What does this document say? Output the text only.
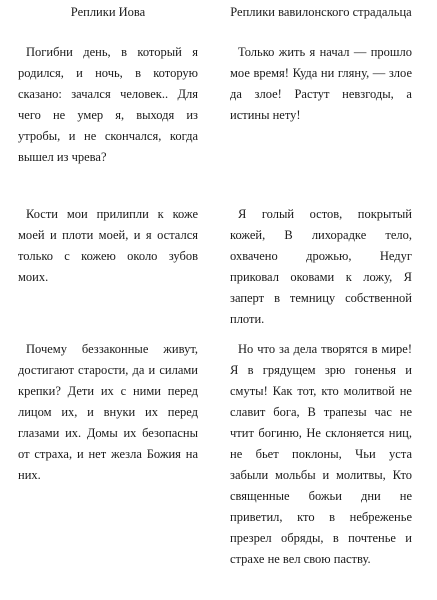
Реплики Иова

Погибни день, в который я родился, и ночь, в которую сказано: зачался человек.. Для чего не умер я, выходя из утробы, и не скончался, когда вышел из чрева?

Кости мои прилипли к коже моей и плоти моей, и я остался только с кожею около зубов моих.

Почему беззаконные живут, достигают старости, да и силами крепки? Дети их с ними перед лицом их, и внуки их перед глазами их. Домы их безопасны от страха, и нет жезла Божия на них.

Реплики вавилонского страдальца

Только жить я начал — прошло мое время! Куда ни гляну, — злое да злое! Растут невзгоды, а истины нету!

Я голый остов, покрытый кожей, В лихорадке тело, охвачено дрожью, Недуг приковал оковами к ложу, Я заперт в темницу собственной плоти.

Но что за дела творятся в мире! Я в грядущем зрю гоненья и смуты! Как тот, кто молитвой не славит бога, В трапезы час не чтит богиню, Не склоняется ниц, не бьет поклоны, Чьи уста забыли мольбы и молитвы, Кто священные божьи дни не приветил, кто в небреженье презрел обряды, в почтенье и страхе не вел свою паству.
